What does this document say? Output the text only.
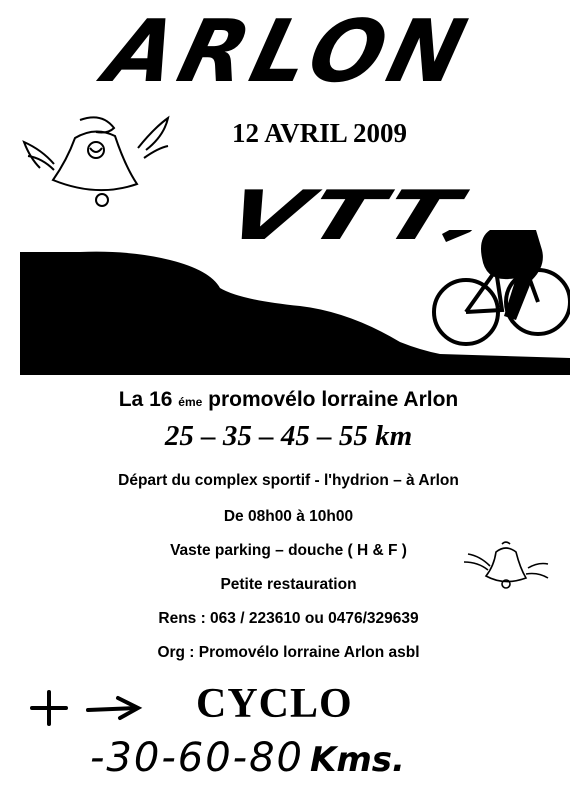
ARLON
12 AVRIL 2009
VTT
La 16 éme promovélo lorraine Arlon
25 – 35 – 45 – 55 km
Départ du complex sportif - l'hydrion – à Arlon
De 08h00 à 10h00
Vaste parking – douche ( H & F )
Petite restauration
Rens : 063 / 223610 ou 0476/329639
Org : Promovélo lorraine Arlon asbl
CYCLO
-30-60-80 Kms.
